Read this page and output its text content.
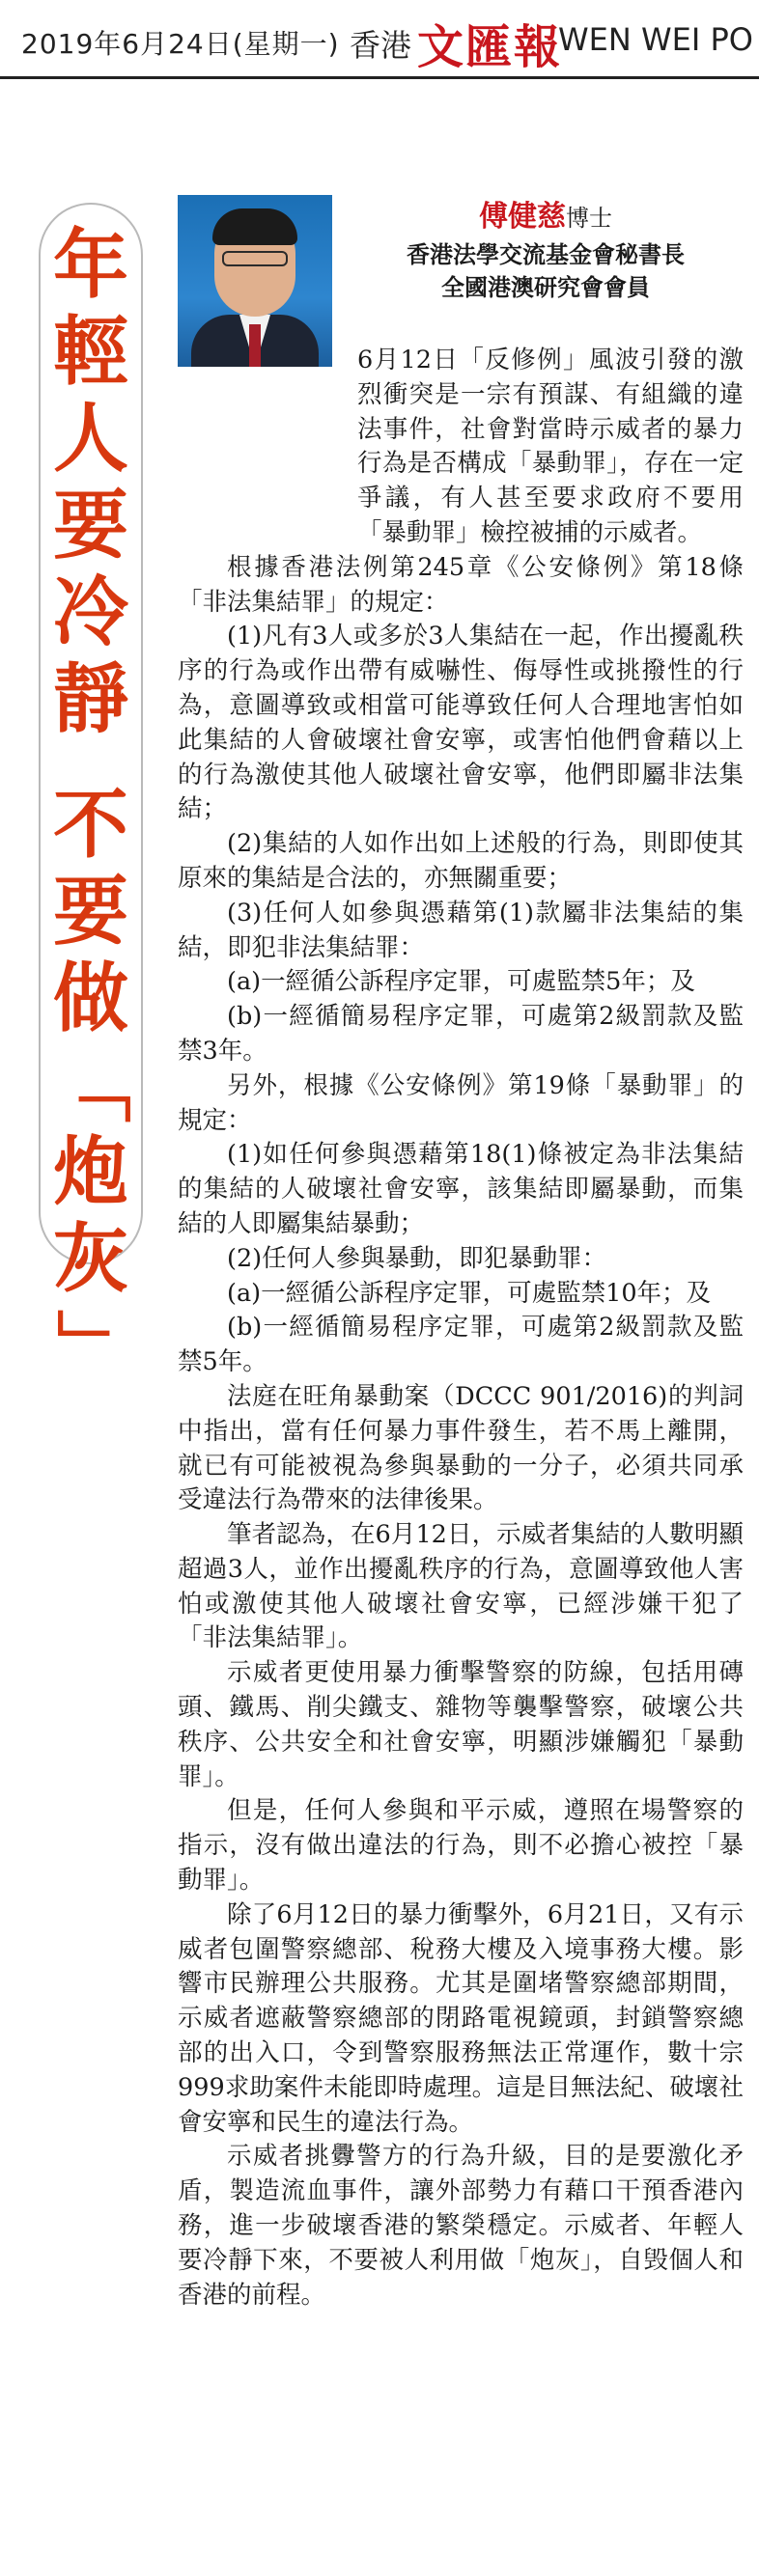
2019年6月24日(星期一) 香港 文匯報
WEN WEI PO
年
輕
人
要
冷
靜
不
要
做
「
炮
灰
」
傅健慈博士
香港法學交流基金會秘書長
全國港澳研究會會員

6月12日「反修例」風波引發的激烈衝突是一宗有預謀、有組織的違法事件，社會對當時示威者的暴力行為是否構成「暴動罪」，存在一定爭議，有人甚至要求政府不要用「暴動罪」檢控被捕的示威者。

根據香港法例第245章《公安條例》第18條「非法集結罪」的規定：

(1)凡有3人或多於3人集結在一起，作出擾亂秩序的行為或作出帶有威嚇性、侮辱性或挑撥性的行為，意圖導致或相當可能導致任何人合理地害怕如此集結的人會破壞社會安寧，或害怕他們會藉以上的行為激使其他人破壞社會安寧，他們即屬非法集結；

(2)集結的人如作出如上述般的行為，則即使其原來的集結是合法的，亦無關重要；

(3)任何人如參與憑藉第(1)款屬非法集結的集結，即犯非法集結罪：

(a)一經循公訴程序定罪，可處監禁5年；及

(b)一經循簡易程序定罪，可處第2級罰款及監禁3年。

另外，根據《公安條例》第19條「暴動罪」的規定：

(1)如任何參與憑藉第18(1)條被定為非法集結的集結的人破壞社會安寧，該集結即屬暴動，而集結的人即屬集結暴動；

(2)任何人參與暴動，即犯暴動罪：

(a)一經循公訴程序定罪，可處監禁10年；及

(b)一經循簡易程序定罪，可處第2級罰款及監禁5年。

法庭在旺角暴動案（DCCC 901/2016)的判詞中指出，當有任何暴力事件發生，若不馬上離開，就已有可能被視為參與暴動的一分子，必須共同承受違法行為帶來的法律後果。

筆者認為，在6月12日，示威者集結的人數明顯超過3人，並作出擾亂秩序的行為，意圖導致他人害怕或激使其他人破壞社會安寧，已經涉嫌干犯了「非法集結罪」。

示威者更使用暴力衝擊警察的防線，包括用磚頭、鐵馬、削尖鐵支、雜物等襲擊警察，破壞公共秩序、公共安全和社會安寧，明顯涉嫌觸犯「暴動罪」。

但是，任何人參與和平示威，遵照在場警察的指示，沒有做出違法的行為，則不必擔心被控「暴動罪」。

除了6月12日的暴力衝擊外，6月21日，又有示威者包圍警察總部、稅務大樓及入境事務大樓。影響市民辦理公共服務。尤其是圍堵警察總部期間，示威者遮蔽警察總部的閉路電視鏡頭，封鎖警察總部的出入口，令到警察服務無法正常運作，數十宗999求助案件未能即時處理。這是目無法紀、破壞社會安寧和民生的違法行為。

示威者挑釁警方的行為升級，目的是要激化矛盾，製造流血事件，讓外部勢力有藉口干預香港內務，進一步破壞香港的繁榮穩定。示威者、年輕人要冷靜下來，不要被人利用做「炮灰」，自毁個人和香港的前程。
